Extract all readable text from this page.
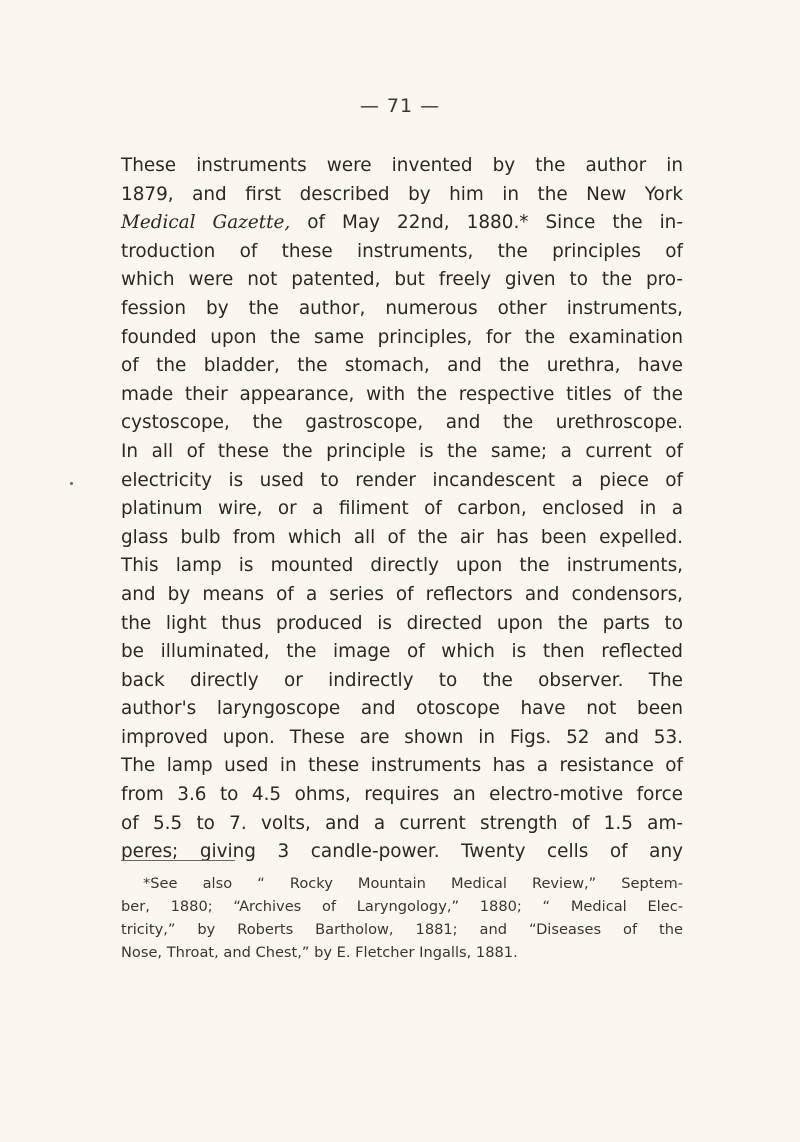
— 71 —
These instruments were invented by the author in
1879, and first described by him in the New York
Medical Gazette, of May 22nd, 1880.* Since the in-
troduction of these instruments, the principles of
which were not patented, but freely given to the pro-
fession by the author, numerous other instruments,
founded upon the same principles, for the examination
of the bladder, the stomach, and the urethra, have
made their appearance, with the respective titles of the
cystoscope, the gastroscope, and the urethroscope.
In all of these the principle is the same; a current of
electricity is used to render incandescent a piece of
platinum wire, or a filiment of carbon, enclosed in a
glass bulb from which all of the air has been expelled.
This lamp is mounted directly upon the instruments,
and by means of a series of reflectors and condensors,
the light thus produced is directed upon the parts to
be illuminated, the image of which is then reflected
back directly or indirectly to the observer. The
author's laryngoscope and otoscope have not been
improved upon. These are shown in Figs. 52 and 53.
The lamp used in these instruments has a resistance of
from 3.6 to 4.5 ohms, requires an electro-motive force
of 5.5 to 7. volts, and a current strength of 1.5 am-
peres; giving 3 candle-power. Twenty cells of any
*See also “ Rocky Mountain Medical Review,” Septem-
ber, 1880; “Archives of Laryngology,” 1880; “ Medical Elec-
tricity,” by Roberts Bartholow, 1881; and “Diseases of the
Nose, Throat, and Chest,” by E. Fletcher Ingalls, 1881.
